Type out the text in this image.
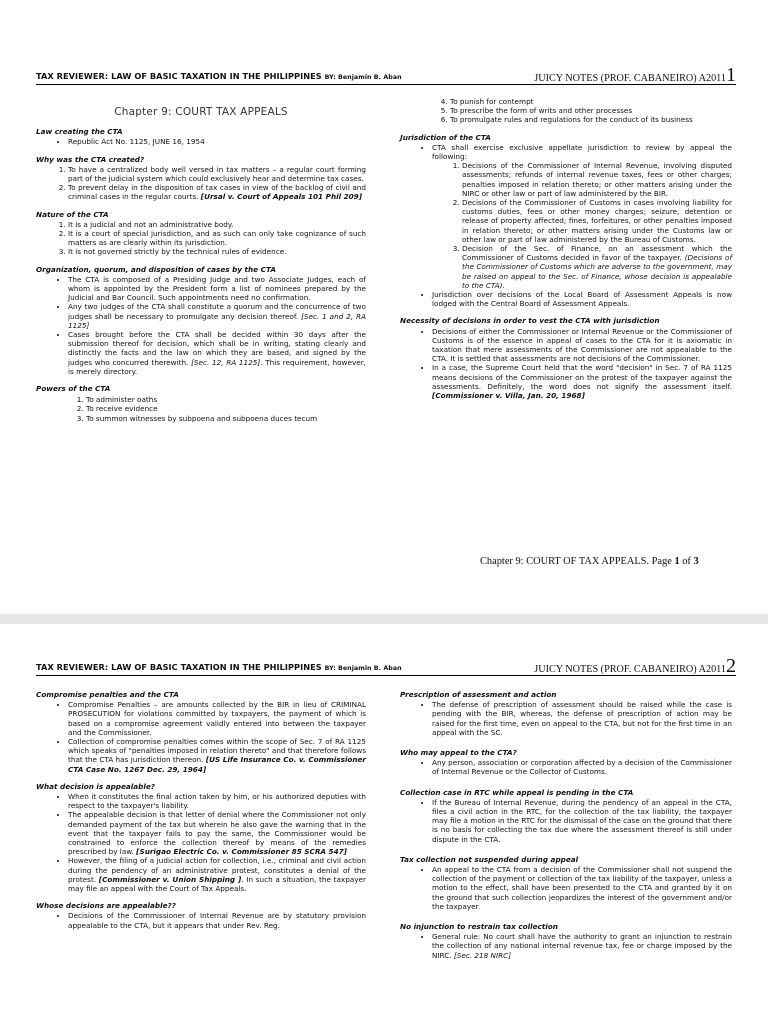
TAX REVIEWER: LAW OF BASIC TAXATION IN THE PHILIPPINES BY: Benjamin B. Aban	JUICY NOTES (PROF. CABANEIRO) A20111

Chapter 9: COURT TAX APPEALS

Law creating the CTA

• Republic Act No. 1125, JUNE 16, 1954

Why was the CTA created?

1. To have a centralized body well versed in tax matters – a regular court forming part of the judicial system which could exclusively hear and determine tax cases.
2. To prevent delay in the disposition of tax cases in view of the backlog of civil and criminal cases in the regular courts. [Ursal v. Court of Appeals 101 Phil 209]

Nature of the CTA

1. It is a judicial and not an administrative body.
2. It is a court of special jurisdiction, and as such can only take cognizance of such matters as are clearly within its jurisdiction.
3. It is not governed strictly by the technical rules of evidence.

Organization, quorum, and disposition of cases by the CTA

• The CTA is composed of a Presiding Judge and two Associate Judges, each of whom is appointed by the President form a list of nominees prepared by the Judicial and Bar Council. Such appointments need no confirmation.
• Any two judges of the CTA shall constitute a quorum and the concurrence of two judges shall be necessary to promulgate any decision thereof. [Sec. 1 and 2, RA 1125]
• Cases brought before the CTA shall be decided within 30 days after the submission thereof for decision, which shall be in writing, stating clearly and distinctly the facts and the law on which they are based, and signed by the judges who concurred therewith. [Sec. 12, RA 1125]. This requirement, however, is merely directory.

Powers of the CTA

1. To administer oaths
2. To receive evidence
3. To summon witnesses by subpoena and subpoena duces tecum
4. To punish for contempt
5. To prescribe the form of writs and other processes
6. To promulgate rules and regulations for the conduct of its business

Jurisdiction of the CTA

• CTA shall exercise exclusive appellate jurisdiction to review by appeal the following:
1. Decisions of the Commissioner of Internal Revenue, involving disputed assessments; refunds of internal revenue taxes, fees or other charges; penalties imposed in relation thereto; or other matters arising under the NIRC or other law or part of law administered by the BIR.
2. Decisions of the Commissioner of Customs in cases involving liability for customs duties, fees or other money charges; seizure, detention or release of property affected; fines, forfeitures, or other penalties imposed in relation thereto; or other matters arising under the Customs law or other law or part of law administered by the Bureau of Customs.
3. Decision of the Sec. of Finance, on an assessment which the Commissioner of Customs decided in favor of the taxpayer. (Decisions of the Commissioner of Customs which are adverse to the government, may be raised on appeal to the Sec. of Finance, whose decision is appealable to the CTA).
• Jurisdiction over decisions of the Local Board of Assessment Appeals is now lodged with the Central Board of Assessment Appeals.

Necessity of decisions in order to vest the CTA with jurisdiction

• Decisions of either the Commissioner or Internal Revenue or the Commissioner of Customs is of the essence in appeal of cases to the CTA for it is axiomatic in taxation that mere assessments of the Commissioner are not appealable to the CTA. It is settled that assessments are not decisions of the Commissioner.
• In a case, the Supreme Court held that the word "decision" in Sec. 7 of RA 1125 means decisions of the Commissioner on the protest of the taxpayer against the assessments. Definitely, the word does not signify the assessment itself. [Commissioner v. Villa, Jan. 20, 1968]
Chapter 9: COURT OF TAX APPEALS. Page 1 of 3
TAX REVIEWER: LAW OF BASIC TAXATION IN THE PHILIPPINES BY: Benjamin B. Aban	JUICY NOTES (PROF. CABANEIRO) A20112

Compromise penalties and the CTA

• Compromise Penalties – are amounts collected by the BIR in lieu of CRIMINAL PROSECUTION for violations committed by taxpayers, the payment of which is based on a compromise agreement validly entered into between the taxpayer and the Commissioner.
• Collection of compromise penalties comes within the scope of Sec. 7 of RA 1125 which speaks of "penalties imposed in relation thereto" and that therefore follows that the CTA has jurisdiction thereon. [US Life Insurance Co. v. Commissioner CTA Case No. 1267 Dec. 29, 1964]

What decision is appealable?

• When it constitutes the final action taken by him, or his authorized deputies with respect to the taxpayer's liability.
• The appealable decision is that letter of denial where the Commissioner not only demanded payment of the tax but wherein he also gave the warning that in the event that the taxpayer fails to pay the same, the Commissioner would be constrained to enforce the collection thereof by means of the remedies prescribed by law. [Surigao Electric Co. v. Commissioner 85 SCRA 547]
• However, the filing of a judicial action for collection, i.e., criminal and civil action during the pendency of an administrative protest, constitutes a denial of the protest. [Commissioner v. Union Shipping ]. In such a situation, the taxpayer may file an appeal with the Court of Tax Appeals.

Whose decisions are appealable??

• Decisions of the Commissioner of Internal Revenue are by statutory provision appealable to the CTA, but it appears that under Rev. Reg.

Prescription of assessment and action

• The defense of prescription of assessment should be raised while the case is pending with the BIR, whereas, the defense of prescription of action may be raised for the first time, even on appeal to the CTA, but not for the first time in an appeal with the SC.

Who may appeal to the CTA?

• Any person, association or corporation affected by a decision of the Commissioner of Internal Revenue or the Collector of Customs.

Collection case in RTC while appeal is pending in the CTA

• If the Bureau of Internal Revenue, during the pendency of an appeal in the CTA, files a civil action in the RTC, for the collection of the tax liability, the taxpayer may file a motion in the RTC for the dismissal of the case on the ground that there is no basis for collecting the tax due where the assessment thereof is still under dispute in the CTA.

Tax collection not suspended during appeal

• An appeal to the CTA from a decision of the Commissioner shall not suspend the collection of the payment or collection of the tax liability of the taxpayer, unless a motion to the effect, shall have been presented to the CTA and granted by it on the ground that such collection jeopardizes the interest of the government and/or the taxpayer.

No injunction to restrain tax collection

• General rule: No court shall have the authority to grant an injunction to restrain the collection of any national internal revenue tax, fee or charge imposed by the NIRC. [Sec. 218 NIRC]
